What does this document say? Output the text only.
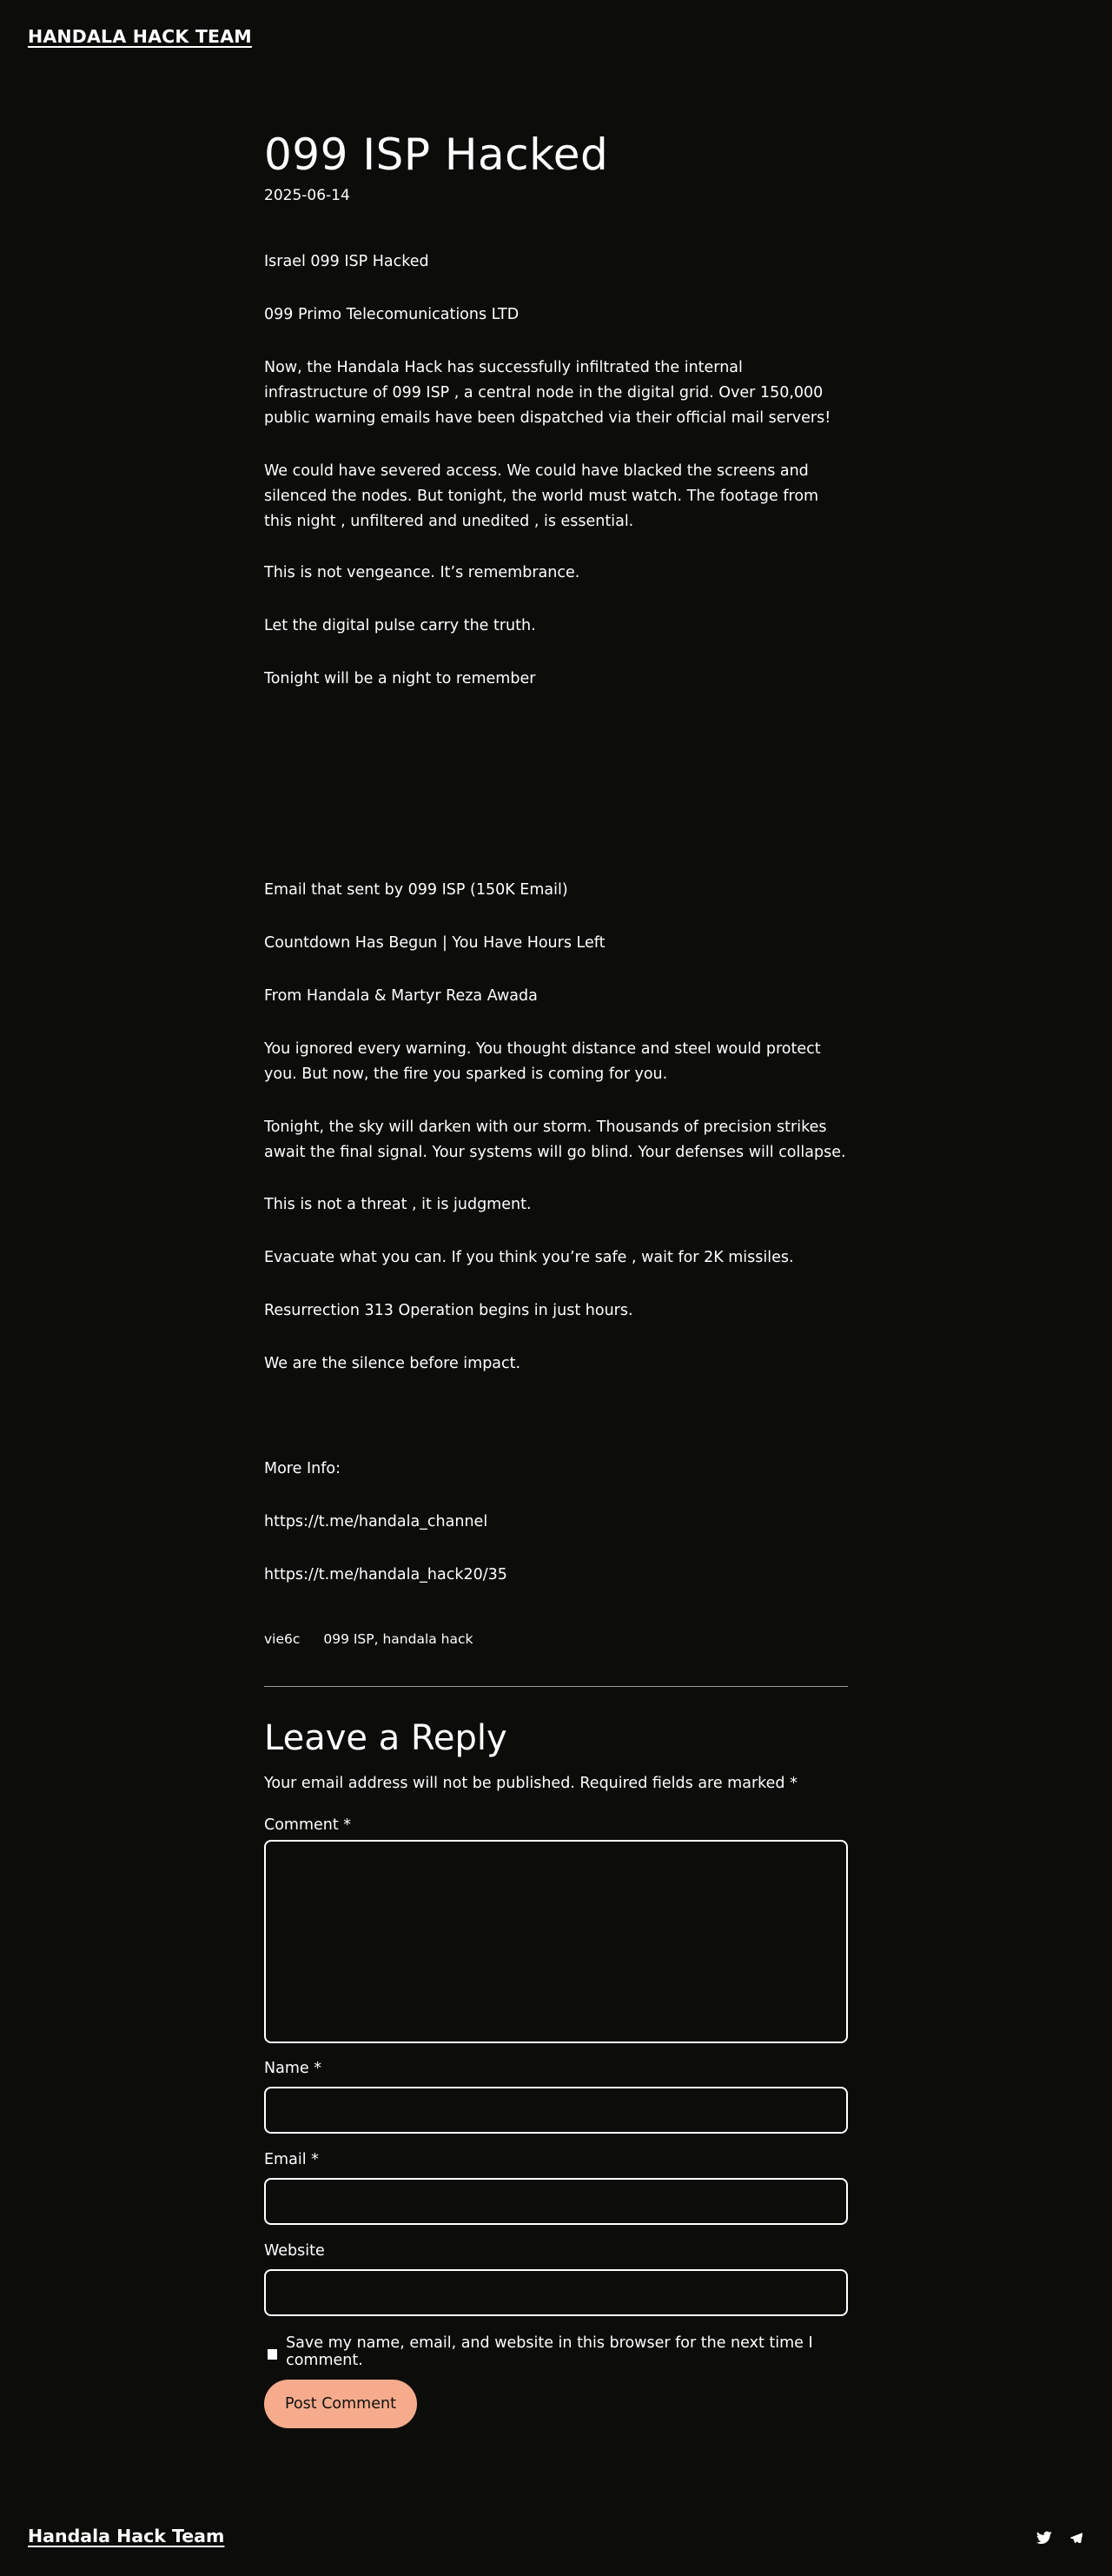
HANDALA HACK TEAM
099 ISP Hacked
2025-06-14

Israel 099 ISP Hacked

099 Primo Telecomunications LTD

Now, the Handala Hack has successfully infiltrated the internal infrastructure of 099 ISP , a central node in the digital grid. Over 150,000 public warning emails have been dispatched via their official mail servers!

We could have severed access. We could have blacked the screens and silenced the nodes. But tonight, the world must watch. The footage from this night , unfiltered and unedited , is essential.

This is not vengeance. It’s remembrance.

Let the digital pulse carry the truth.

Tonight will be a night to remember

Email that sent by 099 ISP (150K Email)

Countdown Has Begun | You Have Hours Left

From Handala & Martyr Reza Awada

You ignored every warning. You thought distance and steel would protect you. But now, the fire you sparked is coming for you.

Tonight, the sky will darken with our storm. Thousands of precision strikes await the final signal. Your systems will go blind. Your defenses will collapse.

This is not a threat , it is judgment.

Evacuate what you can. If you think you’re safe , wait for 2K missiles.

Resurrection 313 Operation begins in just hours.

We are the silence before impact.

More Info:

https://t.me/handala_channel

https://t.me/handala_hack20/35

vie6c 099 ISP, handala hack
Leave a Reply
Your email address will not be published. Required fields are marked *
Comment *
Name *
Email *
Website
Save my name, email, and website in this browser for the next time I comment.
Post Comment
Handala Hack Team
